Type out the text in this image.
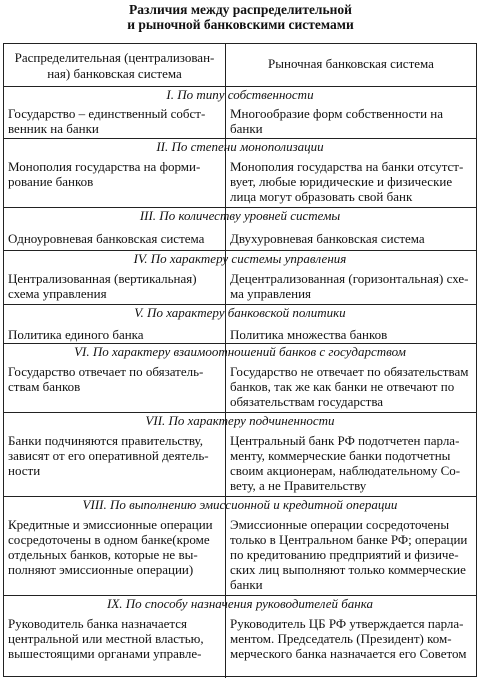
Различия между распределительной
и рыночной банковскими системами
Распределительная (централизован-
ная) банковская система
Рыночная банковская система
I. По типу собственности
Государство – единственный собст-
венник на банки
Многообразие форм собственности на
банки
II. По степени монополизации
Монополия государства на форми-
рование банков
Монополия государства на банки отсутст-
вует, любые юридические и физические
лица могут образовать свой банк
III. По количеству уровней системы
Одноуровневая банковская система	Двухуровневая банковская система
IV. По характеру системы управления
Централизованная (вертикальная)
схема управления
Децентрализованная (горизонтальная) схе-
ма управления
V. По характеру банковской политики
Политика единого банка	Политика множества банков
VI. По характеру взаимоотношений банков с государством
Государство отвечает по обязатель-
ствам банков
Государство не отвечает по обязательствам
банков, так же как банки не отвечают по
обязательствам государства
VII. По характеру подчиненности
Банки подчиняются правительству,
зависят от его оперативной деятель-
ности
Центральный банк РФ подотчетен парла-
менту, коммерческие банки подотчетны
своим акционерам, наблюдательному Со-
вету, а не Правительству
VIII. По выполнению эмиссионной и кредитной операции
Кредитные и эмиссионные операции
сосредоточены в одном банке(кроме
отдельных банков, которые не вы-
полняют эмиссионные операции)
Эмиссионные операции сосредоточены
только в Центральном банке РФ; операции
по кредитованию предприятий и физиче-
ских лиц выполняют только коммерческие
банки
IX. По способу назначения руководителей банка
Руководитель банка назначается
центральной или местной властью,
вышестоящими органами управле-
Руководитель ЦБ РФ утверждается парла-
ментом. Председатель (Президент) ком-
мерческого банка назначается его Советом
